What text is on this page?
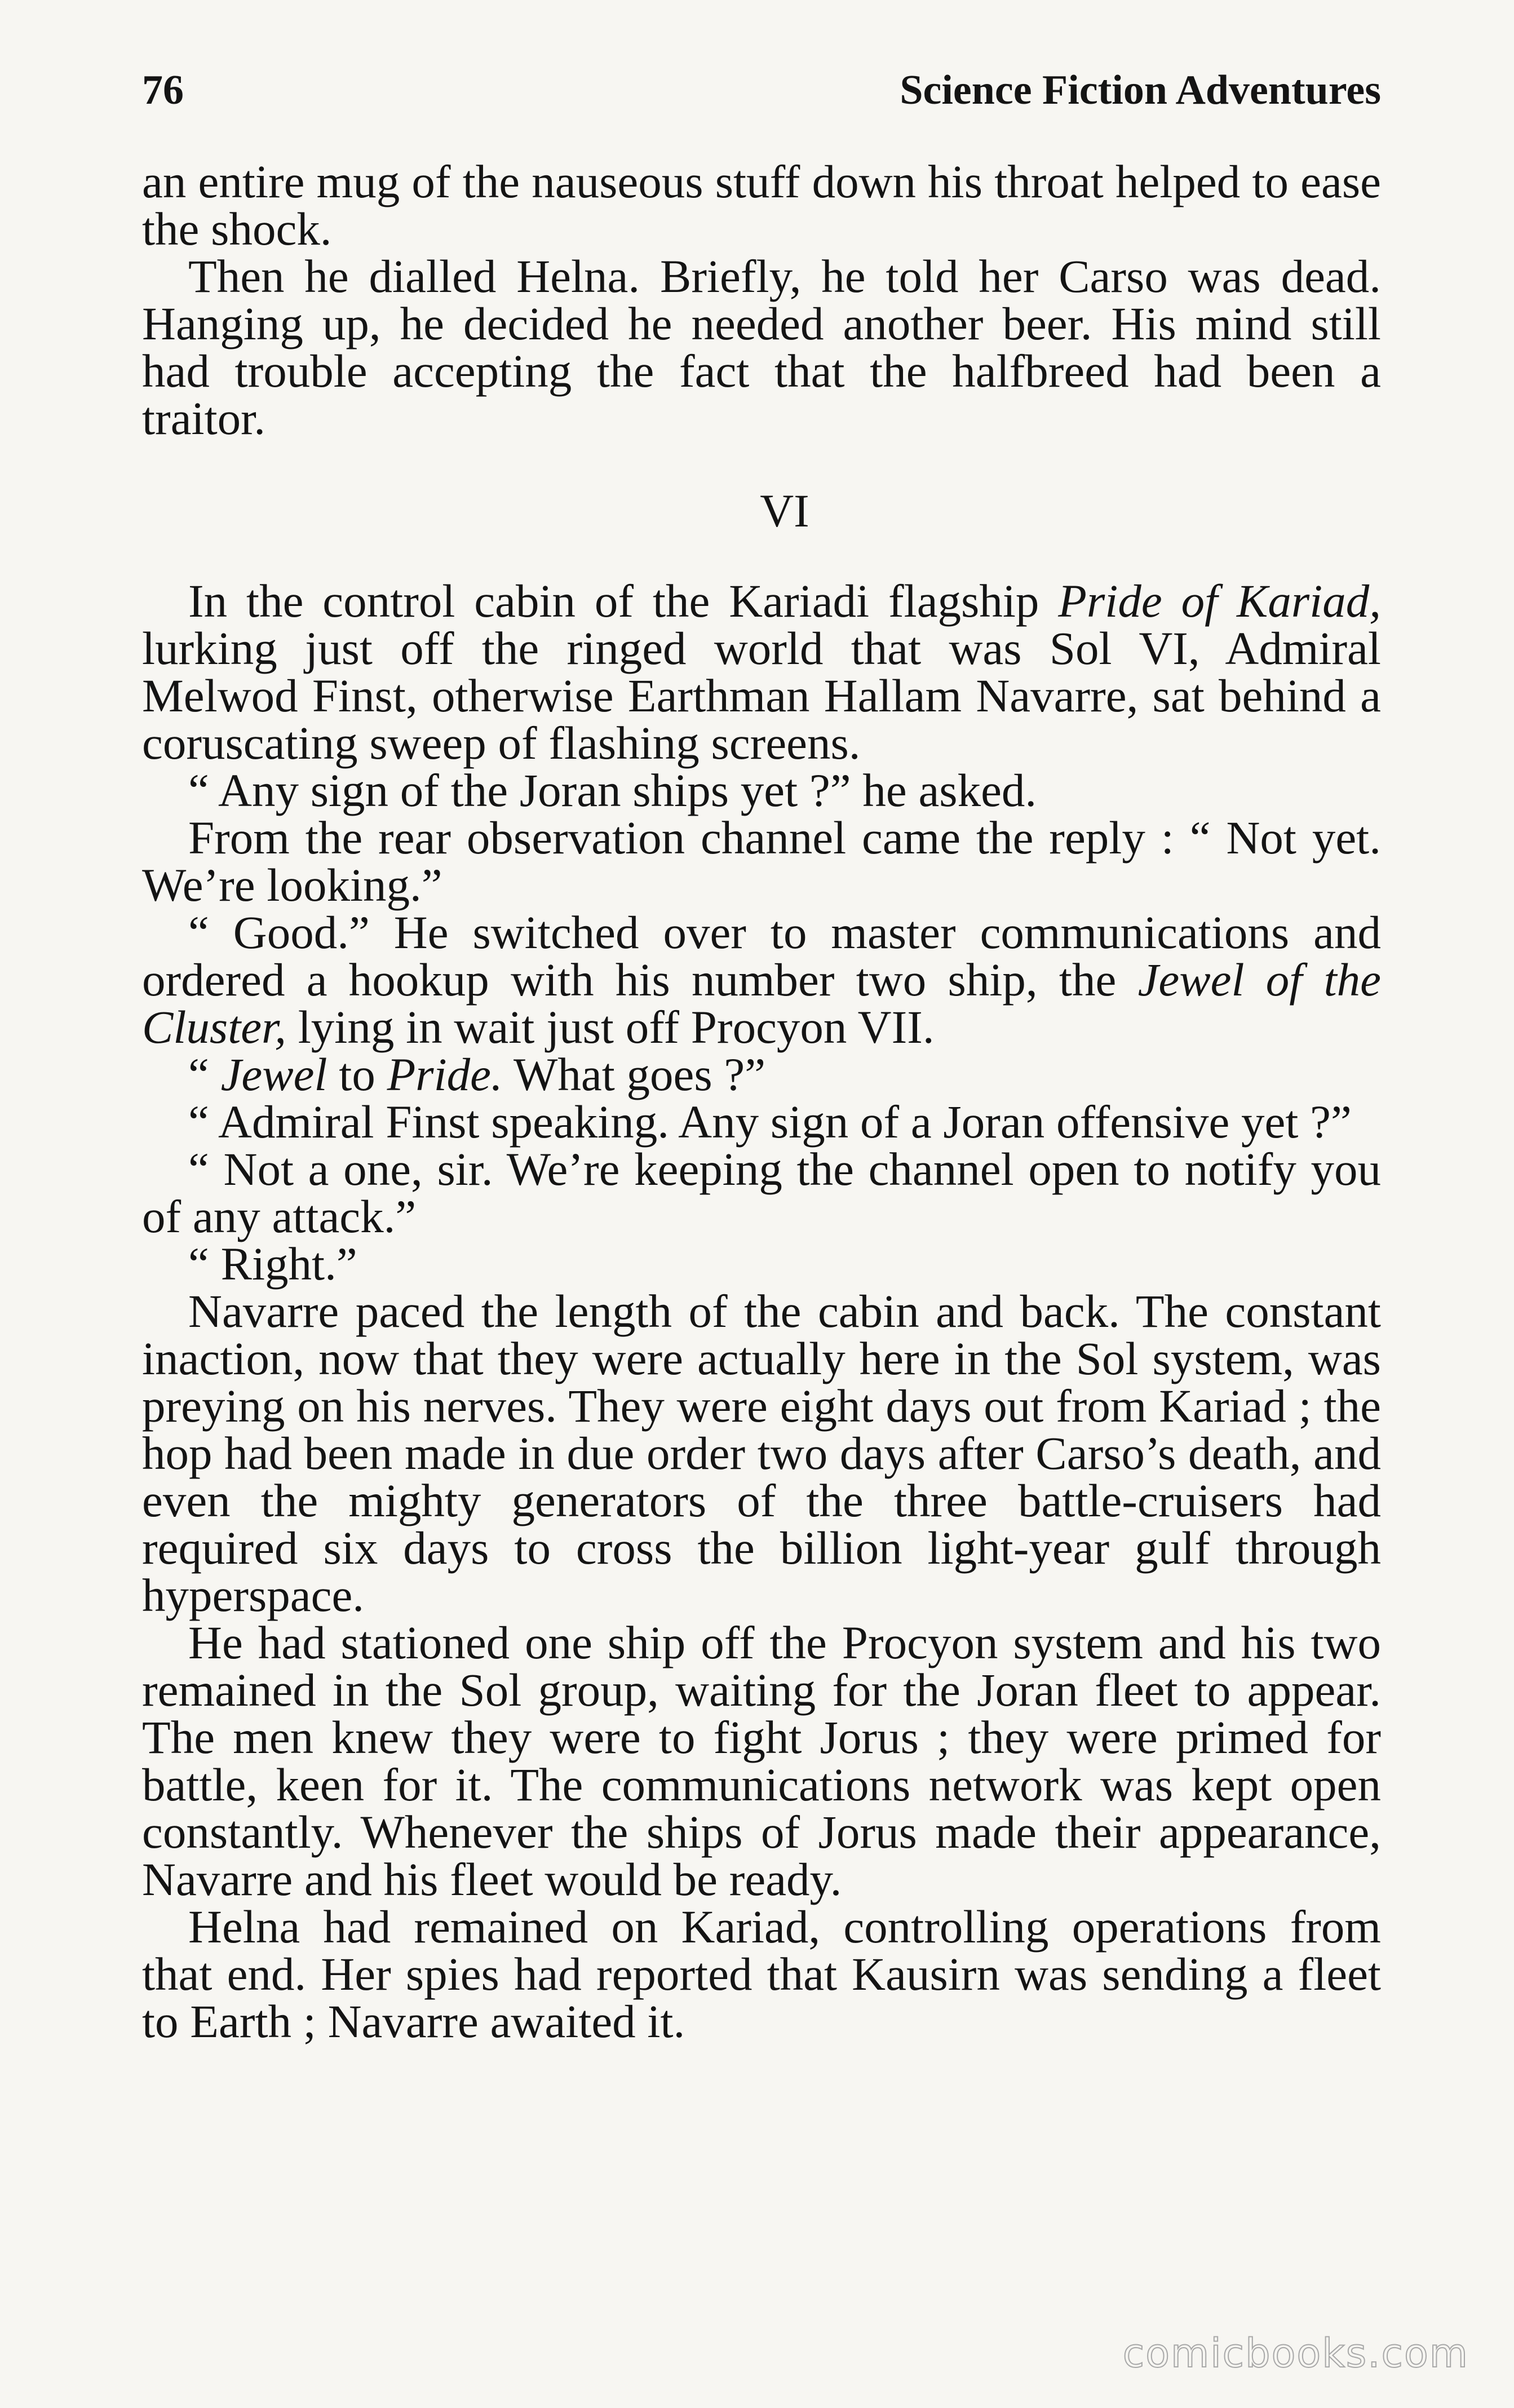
76	Science Fiction Adventures

an entire mug of the nauseous stuff down his throat helped to ease the shock.

Then he dialled Helna. Briefly, he told her Carso was dead. Hanging up, he decided he needed another beer. His mind still had trouble accepting the fact that the halfbreed had been a traitor.

VI

In the control cabin of the Kariadi flagship Pride of Kariad, lurking just off the ringed world that was Sol VI, Admiral Melwod Finst, otherwise Earthman Hallam Navarre, sat behind a coruscating sweep of flashing screens.

“ Any sign of the Joran ships yet ?” he asked.

From the rear observation channel came the reply : “ Not yet. We’re looking.”

“ Good.” He switched over to master communications and ordered a hookup with his number two ship, the Jewel of the Cluster, lying in wait just off Procyon VII.

“ Jewel to Pride. What goes ?”

“ Admiral Finst speaking. Any sign of a Joran offensive yet ?”

“ Not a one, sir. We’re keeping the channel open to notify you of any attack.”

“ Right.”

Navarre paced the length of the cabin and back. The constant inaction, now that they were actually here in the Sol system, was preying on his nerves. They were eight days out from Kariad ; the hop had been made in due order two days after Carso’s death, and even the mighty generators of the three battle-cruisers had required six days to cross the billion light-year gulf through hyperspace.

He had stationed one ship off the Procyon system and his two remained in the Sol group, waiting for the Joran fleet to appear. The men knew they were to fight Jorus ; they were primed for battle, keen for it. The communications network was kept open constantly. Whenever the ships of Jorus made their appearance, Navarre and his fleet would be ready.

Helna had remained on Kariad, controlling operations from that end. Her spies had reported that Kausirn was sending a fleet to Earth ; Navarre awaited it.

comicbooks.com
